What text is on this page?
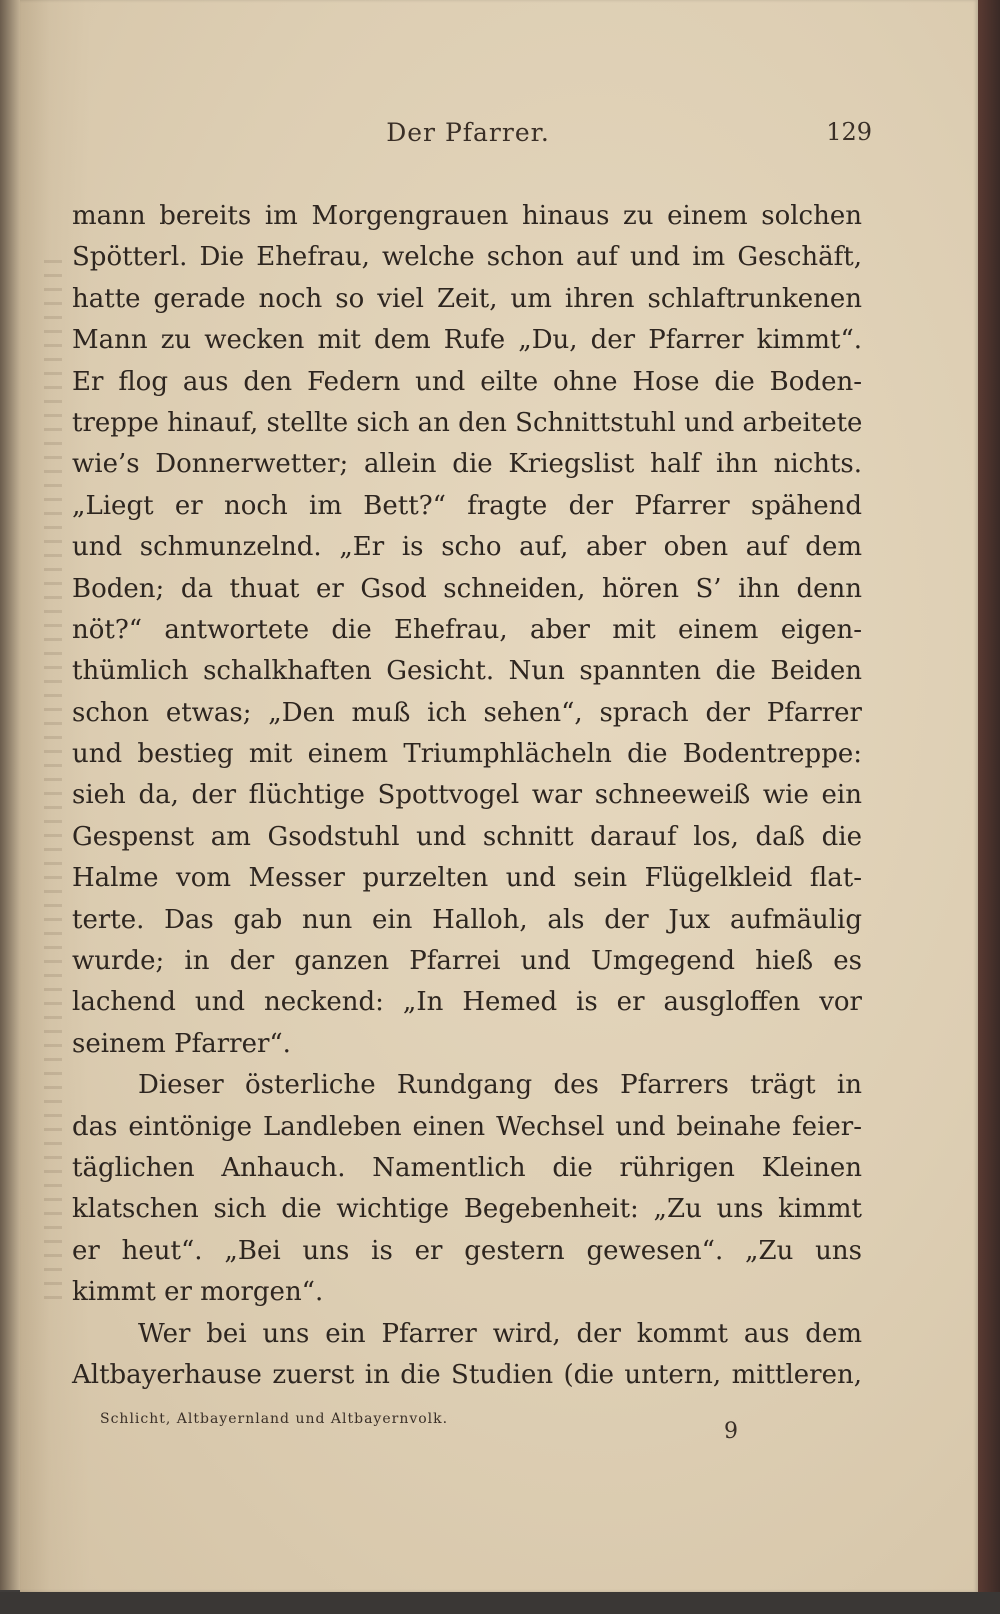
Der Pfarrer.	129
mann bereits im Morgengrauen hinaus zu einem solchen
Spötterl. Die Ehefrau, welche schon auf und im Geschäft,
hatte gerade noch so viel Zeit, um ihren schlaftrunkenen
Mann zu wecken mit dem Rufe „Du, der Pfarrer kimmt“.
Er flog aus den Federn und eilte ohne Hose die Boden-
treppe hinauf, stellte sich an den Schnittstuhl und arbeitete
wie’s Donnerwetter; allein die Kriegslist half ihn nichts.
„Liegt er noch im Bett?“ fragte der Pfarrer spähend
und schmunzelnd. „Er is scho auf, aber oben auf dem
Boden; da thuat er Gsod schneiden, hören S’ ihn denn
nöt?“ antwortete die Ehefrau, aber mit einem eigen-
thümlich schalkhaften Gesicht. Nun spannten die Beiden
schon etwas; „Den muß ich sehen“, sprach der Pfarrer
und bestieg mit einem Triumphlächeln die Bodentreppe:
sieh da, der flüchtige Spottvogel war schneeweiß wie ein
Gespenst am Gsodstuhl und schnitt darauf los, daß die
Halme vom Messer purzelten und sein Flügelkleid flat-
terte. Das gab nun ein Halloh, als der Jux aufmäulig
wurde; in der ganzen Pfarrei und Umgegend hieß es
lachend und neckend: „In Hemed is er ausgloffen vor
seinem Pfarrer“.
Dieser österliche Rundgang des Pfarrers trägt in
das eintönige Landleben einen Wechsel und beinahe feier-
täglichen Anhauch. Namentlich die rührigen Kleinen
klatschen sich die wichtige Begebenheit: „Zu uns kimmt
er heut“. „Bei uns is er gestern gewesen“. „Zu uns
kimmt er morgen“.
Wer bei uns ein Pfarrer wird, der kommt aus dem
Altbayerhause zuerst in die Studien (die untern, mittleren,
Schlicht, Altbayernland und Altbayernvolk.	9
